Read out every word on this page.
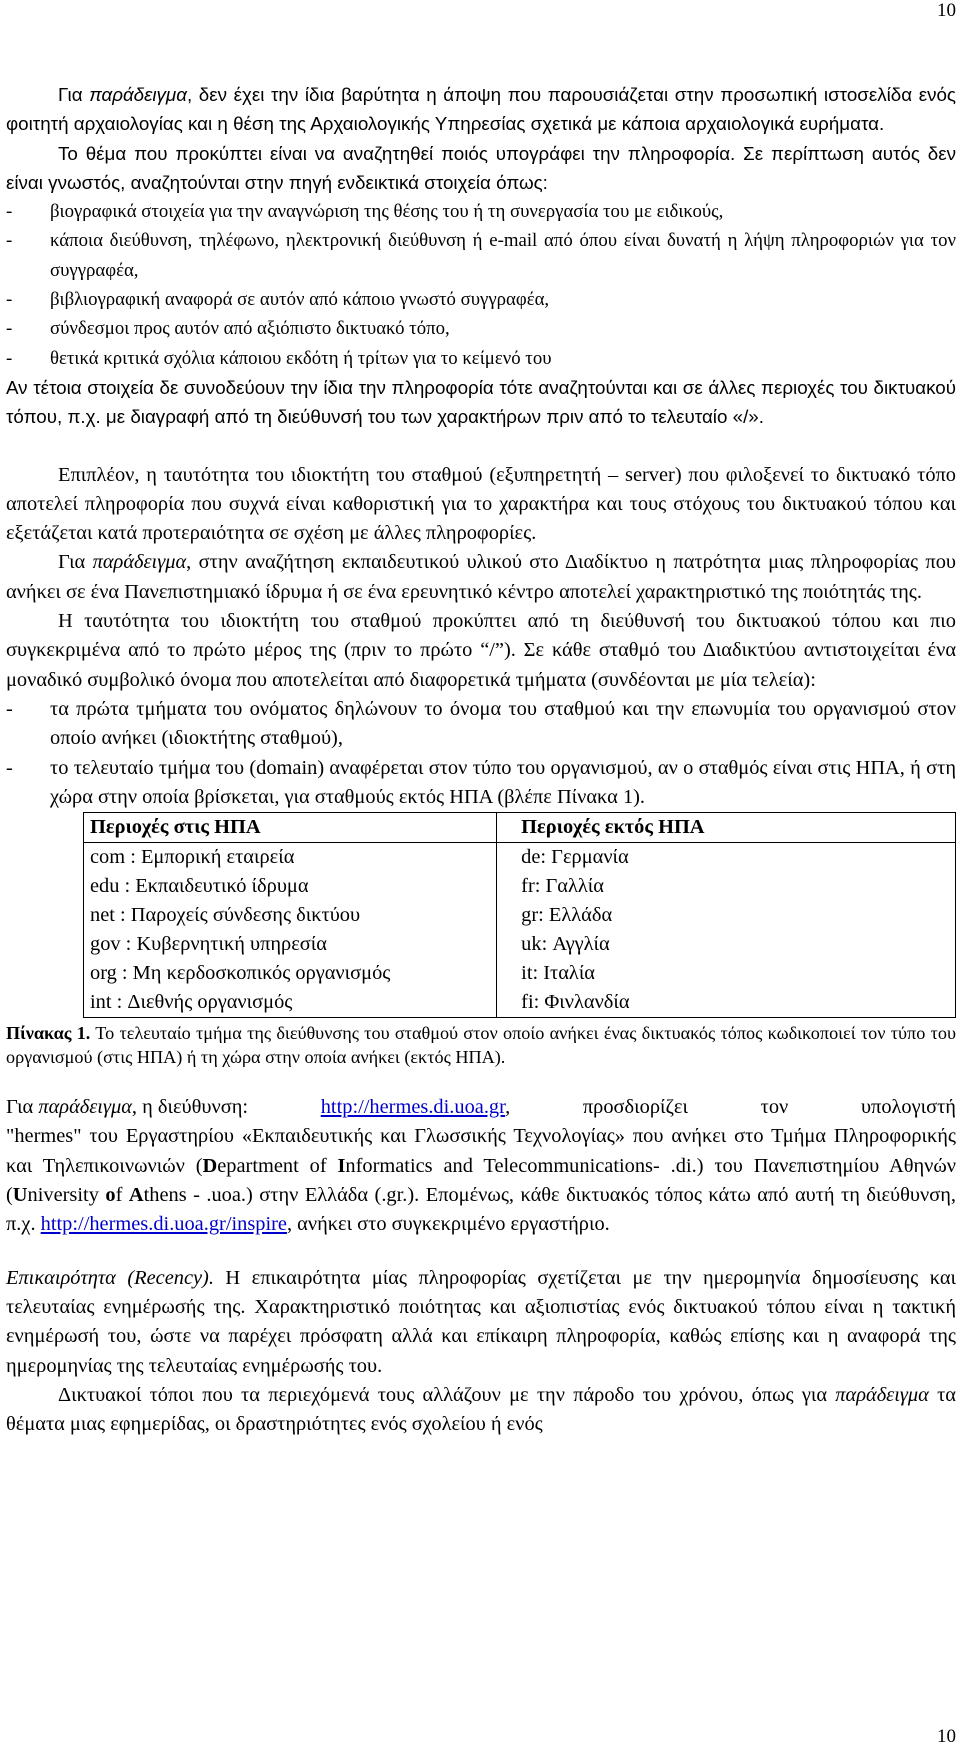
10

Για παράδειγμα, δεν έχει την ίδια βαρύτητα η άποψη που παρουσιάζεται στην προσωπική ιστοσελίδα ενός φοιτητή αρχαιολογίας και η θέση της Αρχαιολογικής Υπηρεσίας σχετικά με κάποια αρχαιολογικά ευρήματα.

Το θέμα που προκύπτει είναι να αναζητηθεί ποιός υπογράφει την πληροφορία. Σε περίπτωση αυτός δεν είναι γνωστός, αναζητούνται στην πηγή ενδεικτικά στοιχεία όπως:

-	βιογραφικά στοιχεία για την αναγνώριση της θέσης του ή τη συνεργασία του με ειδικούς,
-	κάποια διεύθυνση, τηλέφωνο, ηλεκτρονική διεύθυνση ή e-mail από όπου είναι δυνατή η λήψη πληροφοριών για τον συγγραφέα,
-	βιβλιογραφική αναφορά σε αυτόν από κάποιο γνωστό συγγραφέα,
-	σύνδεσμοι προς αυτόν από αξιόπιστο δικτυακό τόπο,
-	θετικά κριτικά σχόλια κάποιου εκδότη ή τρίτων για το κείμενό του

Αν τέτοια στοιχεία δε συνοδεύουν την ίδια την πληροφορία τότε αναζητούνται και σε άλλες περιοχές του δικτυακού τόπου, π.χ. με διαγραφή από τη διεύθυνσή του των χαρακτήρων πριν από το τελευταίο «/».

Επιπλέον, η ταυτότητα του ιδιοκτήτη του σταθμού (εξυπηρετητή – server) που φιλοξενεί το δικτυακό τόπο αποτελεί πληροφορία που συχνά είναι καθοριστική για το χαρακτήρα και τους στόχους του δικτυακού τόπου και εξετάζεται κατά προτεραιότητα σε σχέση με άλλες πληροφορίες.

Για παράδειγμα, στην αναζήτηση εκπαιδευτικού υλικού στο Διαδίκτυο η πατρότητα μιας πληροφορίας που ανήκει σε ένα Πανεπιστημιακό ίδρυμα ή σε ένα ερευνητικό κέντρο αποτελεί χαρακτηριστικό της ποιότητάς της.

Η ταυτότητα του ιδιοκτήτη του σταθμού προκύπτει από τη διεύθυνσή του δικτυακού τόπου και πιο συγκεκριμένα από το πρώτο μέρος της (πριν το πρώτο “/”). Σε κάθε σταθμό του Διαδικτύου αντιστοιχείται ένα μοναδικό συμβολικό όνομα που αποτελείται από διαφορετικά τμήματα (συνδέονται με μία τελεία):

-	τα πρώτα τμήματα του ονόματος δηλώνουν το όνομα του σταθμού και την επωνυμία του οργανισμού στον οποίο ανήκει (ιδιοκτήτης σταθμού),
-	το τελευταίο τμήμα του (domain) αναφέρεται στον τύπο του οργανισμού, αν ο σταθμός είναι στις ΗΠΑ, ή στη χώρα στην οποία βρίσκεται, για σταθμούς εκτός ΗΠΑ (βλέπε Πίνακα 1).
Περιοχές στις ΗΠΑ	Περιοχές εκτός ΗΠΑ
com : Εμπορική εταιρεία	de: Γερμανία
edu : Εκπαιδευτικό ίδρυμα	fr: Γαλλία
net : Παροχείς σύνδεσης δικτύου	gr: Ελλάδα
gov : Κυβερνητική υπηρεσία	uk: Αγγλία
org : Μη κερδοσκοπικός οργανισμός	it: Ιταλία
int : Διεθνής οργανισμός	fi: Φινλανδία
Πίνακας 1. Το τελευταίο τμήμα της διεύθυνσης του σταθμού στον οποίο ανήκει ένας δικτυακός τόπος κωδικοποιεί τον τύπο του οργανισμού (στις ΗΠΑ) ή τη χώρα στην οποία ανήκει (εκτός ΗΠΑ).
Για παράδειγμα, η διεύθυνση:	http://hermes.di.uoa.gr,	προσδιορίζει	τον	υπολογιστή

"hermes" του Εργαστηρίου «Εκπαιδευτικής και Γλωσσικής Τεχνολογίας» που ανήκει στο Τμήμα Πληροφορικής και Τηλεπικοινωνιών (Department of Informatics and Telecommunications- .di.) του Πανεπιστημίου Αθηνών (University of Athens - .uoa.) στην Ελλάδα (.gr.). Επομένως, κάθε δικτυακός τόπος κάτω από αυτή τη διεύθυνση, π.χ. http://hermes.di.uoa.gr/inspire, ανήκει στο συγκεκριμένο εργαστήριο.

Επικαιρότητα (Recency). Η επικαιρότητα μίας πληροφορίας σχετίζεται με την ημερομηνία δημοσίευσης και τελευταίας ενημέρωσής της. Χαρακτηριστικό ποιότητας και αξιοπιστίας ενός δικτυακού τόπου είναι η τακτική ενημέρωσή του, ώστε να παρέχει πρόσφατη αλλά και επίκαιρη πληροφορία, καθώς επίσης και η αναφορά της ημερομηνίας της τελευταίας ενημέρωσής του.

Δικτυακοί τόποι που τα περιεχόμενά τους αλλάζουν με την πάροδο του χρόνου, όπως για παράδειγμα τα θέματα μιας εφημερίδας, οι δραστηριότητες ενός σχολείου ή ενός

10
